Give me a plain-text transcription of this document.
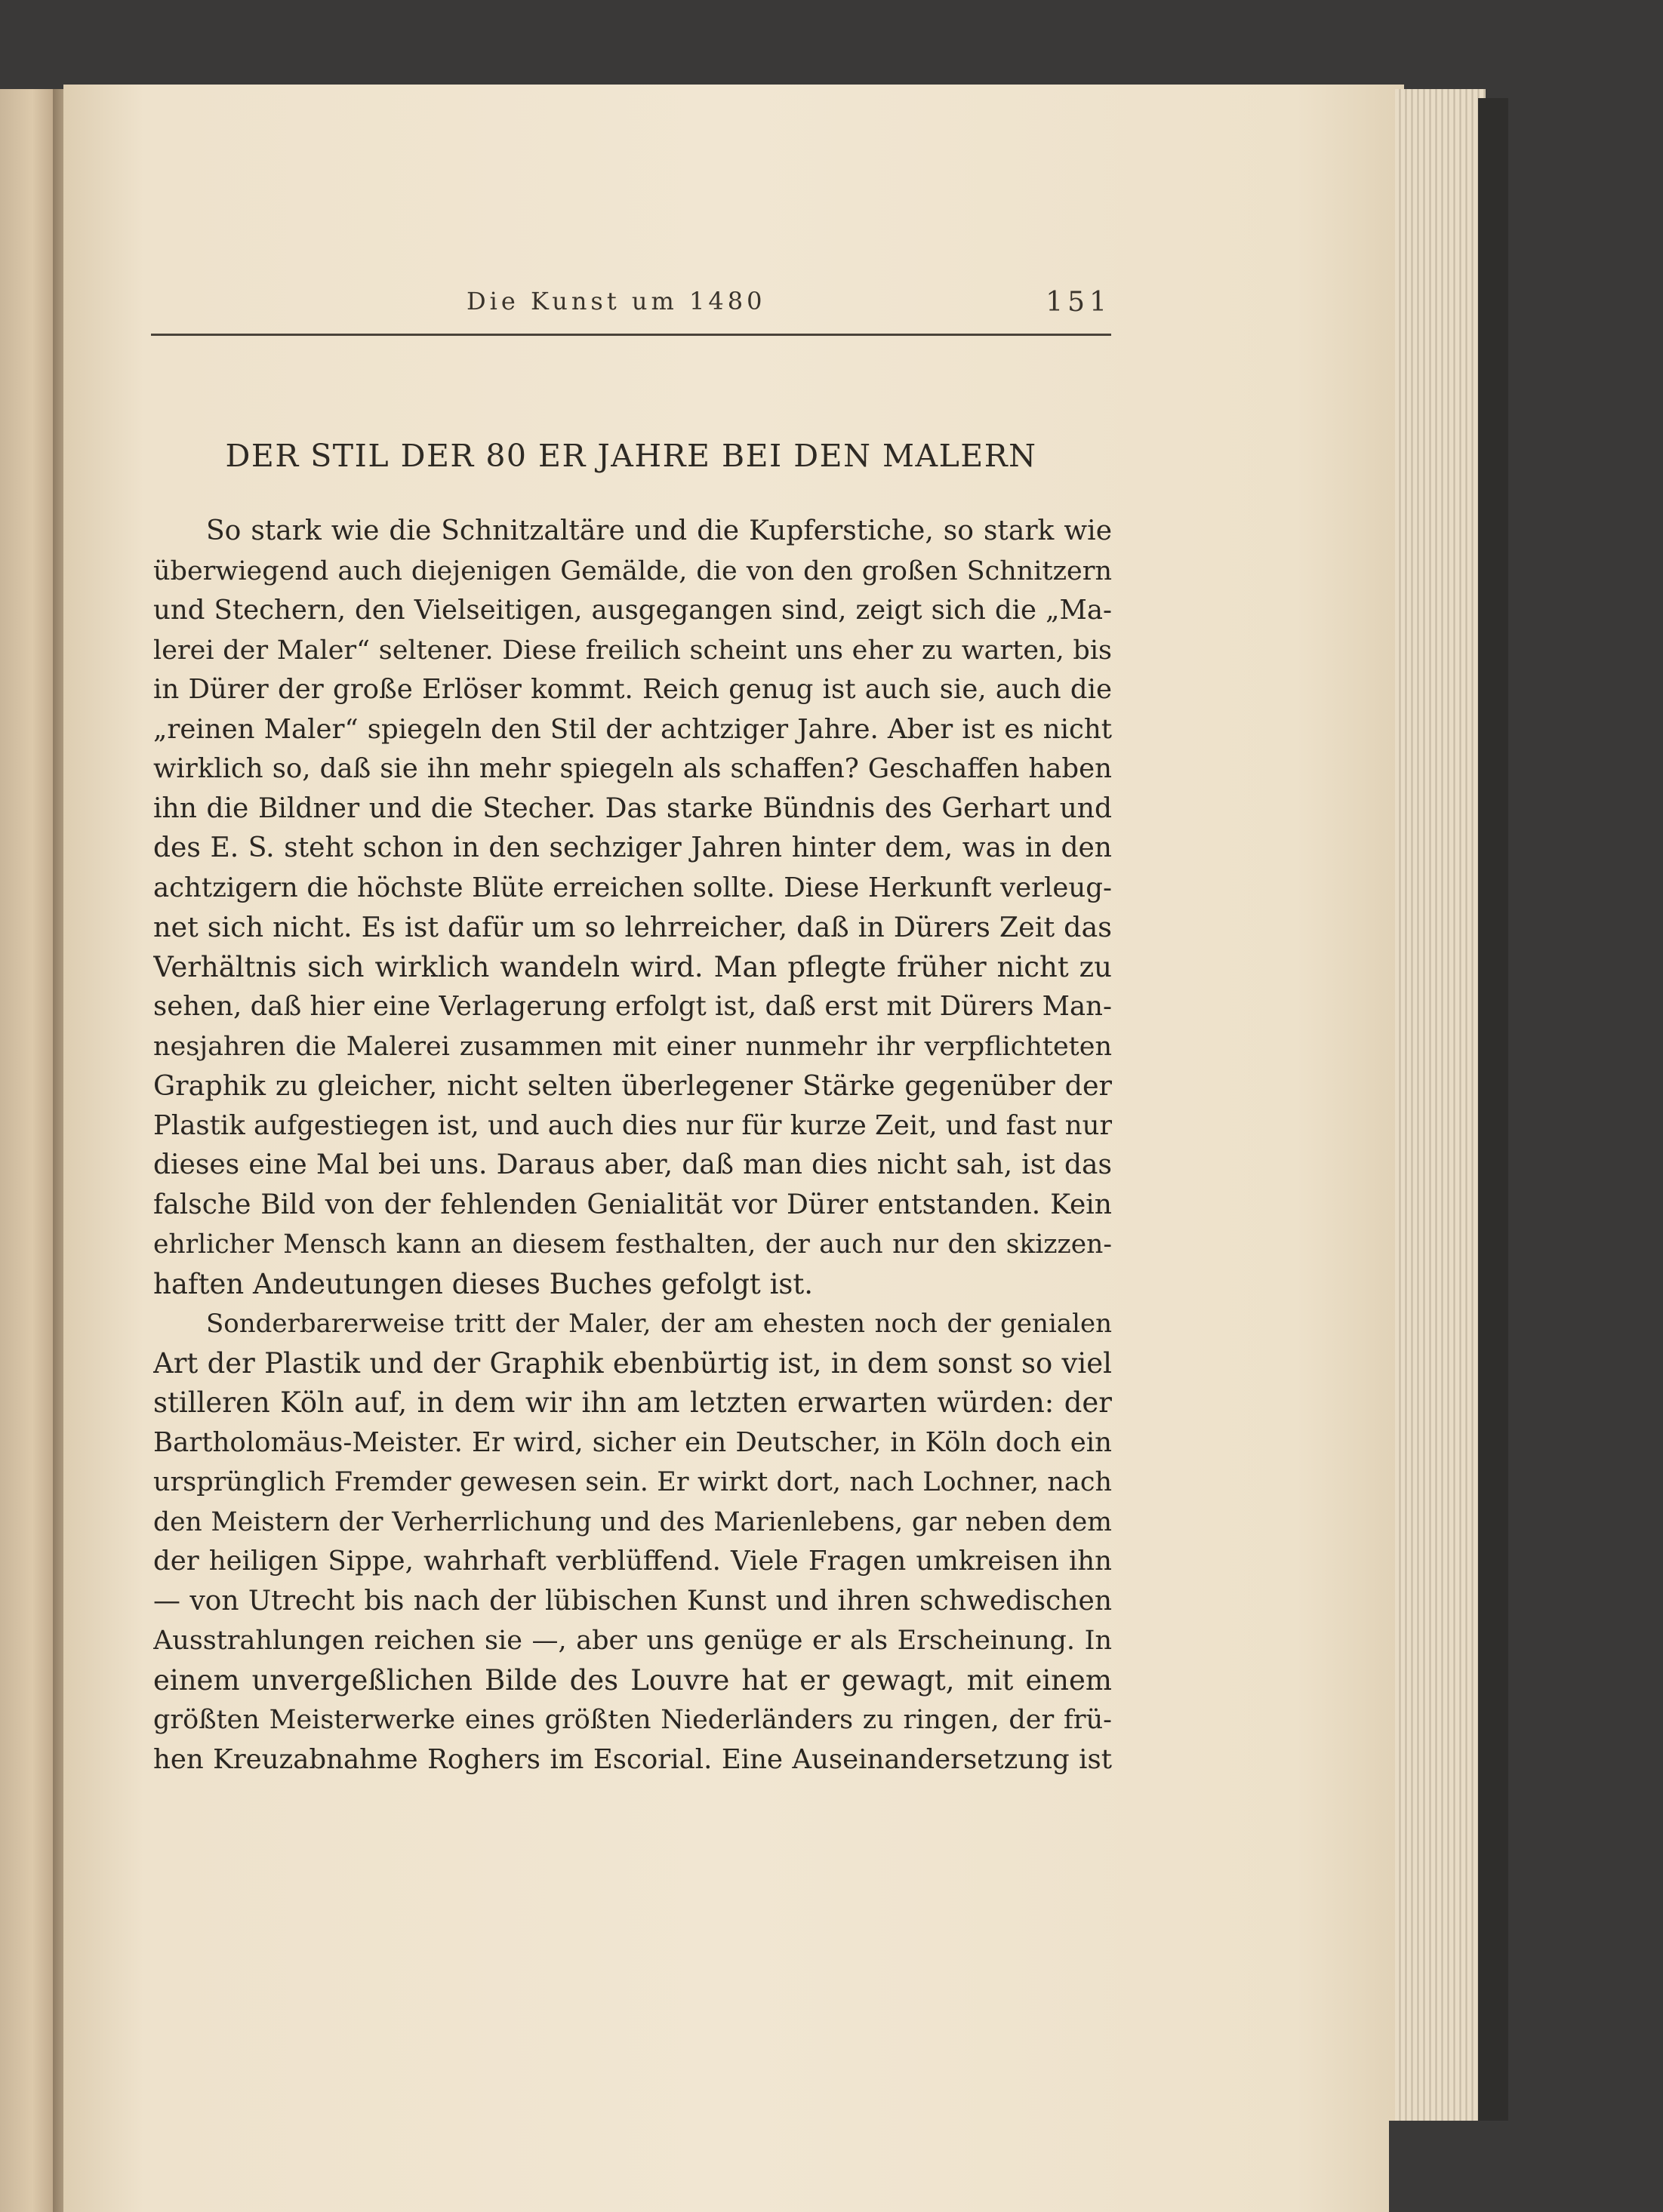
Die Kunst um 1480	151
DER STIL DER 80 ER JAHRE BEI DEN MALERN
So stark wie die Schnitzaltäre und die Kupferstiche, so stark wie
überwiegend auch diejenigen Gemälde, die von den großen Schnitzern
und Stechern, den Vielseitigen, ausgegangen sind, zeigt sich die „Ma-
lerei der Maler“ seltener. Diese freilich scheint uns eher zu warten, bis
in Dürer der große Erlöser kommt. Reich genug ist auch sie, auch die
„reinen Maler“ spiegeln den Stil der achtziger Jahre. Aber ist es nicht
wirklich so, daß sie ihn mehr spiegeln als schaffen? Geschaffen haben
ihn die Bildner und die Stecher. Das starke Bündnis des Gerhart und
des E. S. steht schon in den sechziger Jahren hinter dem, was in den
achtzigern die höchste Blüte erreichen sollte. Diese Herkunft verleug-
net sich nicht. Es ist dafür um so lehrreicher, daß in Dürers Zeit das
Verhältnis sich wirklich wandeln wird. Man pflegte früher nicht zu
sehen, daß hier eine Verlagerung erfolgt ist, daß erst mit Dürers Man-
nesjahren die Malerei zusammen mit einer nunmehr ihr verpflichteten
Graphik zu gleicher, nicht selten überlegener Stärke gegenüber der
Plastik aufgestiegen ist, und auch dies nur für kurze Zeit, und fast nur
dieses eine Mal bei uns. Daraus aber, daß man dies nicht sah, ist das
falsche Bild von der fehlenden Genialität vor Dürer entstanden. Kein
ehrlicher Mensch kann an diesem festhalten, der auch nur den skizzen-
haften Andeutungen dieses Buches gefolgt ist.
Sonderbarerweise tritt der Maler, der am ehesten noch der genialen
Art der Plastik und der Graphik ebenbürtig ist, in dem sonst so viel
stilleren Köln auf, in dem wir ihn am letzten erwarten würden: der
Bartholomäus-Meister. Er wird, sicher ein Deutscher, in Köln doch ein
ursprünglich Fremder gewesen sein. Er wirkt dort, nach Lochner, nach
den Meistern der Verherrlichung und des Marienlebens, gar neben dem
der heiligen Sippe, wahrhaft verblüffend. Viele Fragen umkreisen ihn
— von Utrecht bis nach der lübischen Kunst und ihren schwedischen
Ausstrahlungen reichen sie —, aber uns genüge er als Erscheinung. In
einem unvergeßlichen Bilde des Louvre hat er gewagt, mit einem
größten Meisterwerke eines größten Niederländers zu ringen, der frü-
hen Kreuzabnahme Roghers im Escorial. Eine Auseinandersetzung ist
